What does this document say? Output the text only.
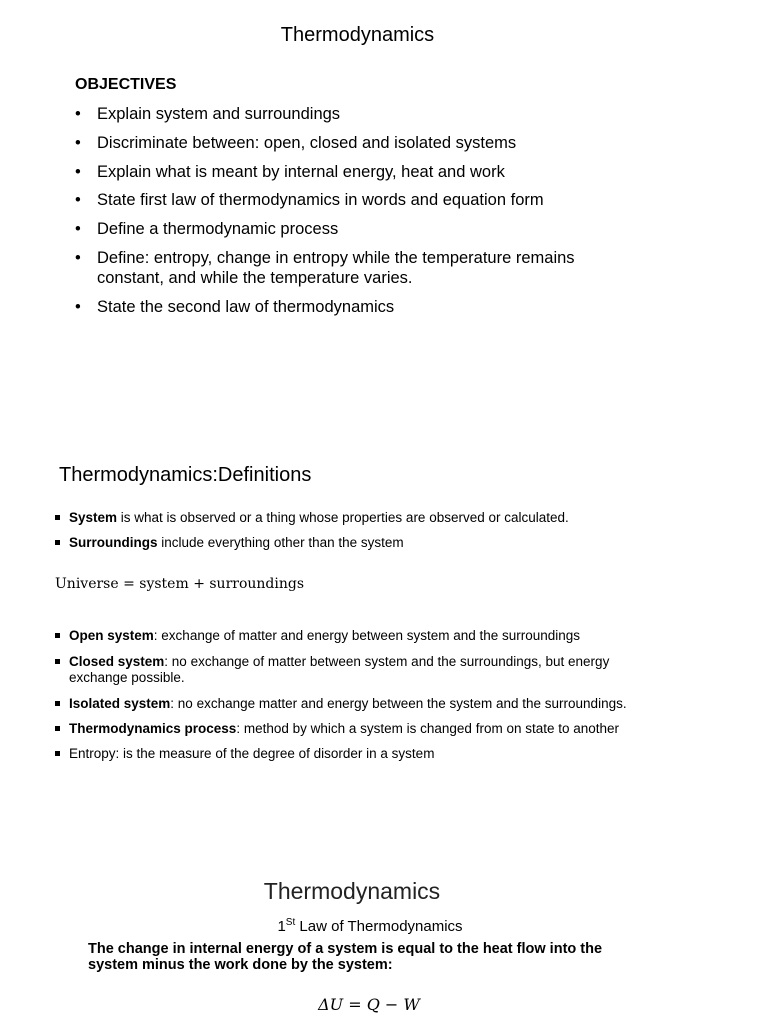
Thermodynamics
OBJECTIVES
• Explain system and surroundings
• Discriminate between: open, closed and isolated systems
• Explain what is meant by internal energy, heat and work
• State first law of thermodynamics in words and equation form
• Define a thermodynamic process
• Define: entropy, change in entropy while the temperature remains
constant, and while the temperature varies.
• State the second law of thermodynamics
Thermodynamics:Definitions
System is what is observed or a thing whose properties are observed or calculated.
Surroundings include everything other than the system
Universe = system + surroundings
Open system: exchange of matter and energy between system and the surroundings
Closed system: no exchange of matter between system and the surroundings, but energy
exchange possible.
Isolated system: no exchange matter and energy between the system and the surroundings.
Thermodynamics process: method by which a system is changed from on state to another
Entropy: is the measure of the degree of disorder in a system
Thermodynamics
1St Law of Thermodynamics
The change in internal energy of a system is equal to the heat flow into the
system minus the work done by the system:
ΔU = Q − W
